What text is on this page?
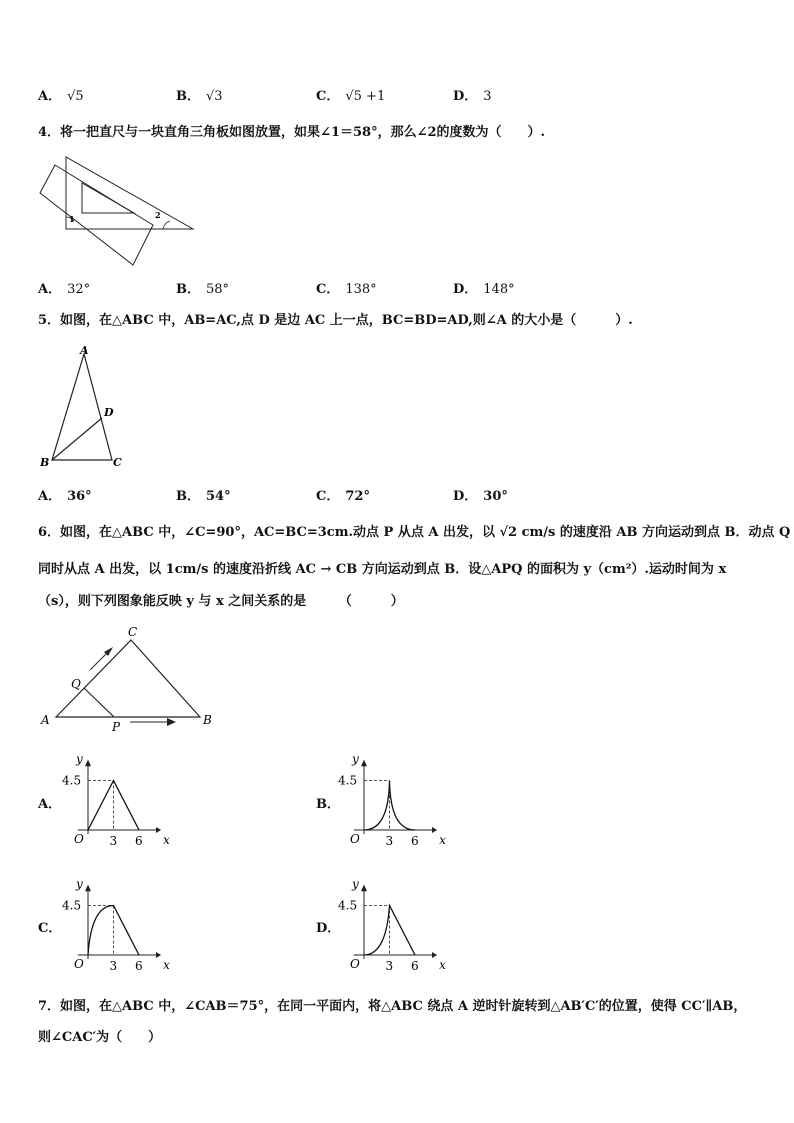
A． √5	B． √3	C． √5 +1	D． 3
4．将一把直尺与一块直角三角板如图放置，如果∠1＝58°，那么∠2的度数为（　　）.
1	2
A． 32°	B． 58°	C． 138°	D． 148°
5．如图，在△ABC 中，AB=AC,点 D 是边 AC 上一点，BC=BD=AD,则∠A 的大小是（　　　）.
A
B	C
D
A． 36°	B． 54°	C． 72°	D． 30°
6．如图，在△ABC 中，∠C=90°，AC=BC=3cm.动点 P 从点 A 出发，以 √2 cm/s 的速度沿 AB 方向运动到点 B．动点 Q
同时从点 A 出发，以 1cm/s 的速度沿折线 AC → CB 方向运动到点 B．设△APQ 的面积为 y（cm²）.运动时间为 x
（s），则下列图象能反映 y 与 x 之间关系的是　　　（　　　）
A
C
B
Q
P
A．
4.5
3 6
O	x
y
B．
4.5
3 6
O	x
y
C．
4.5
3 6
O	x
y
D．
4.5
3 6
O	x
y
7．如图，在△ABC 中，∠CAB＝75°，在同一平面内，将△ABC 绕点 A 逆时针旋转到△AB′C′的位置，使得 CC′∥AB，
则∠CAC′为（　　）
